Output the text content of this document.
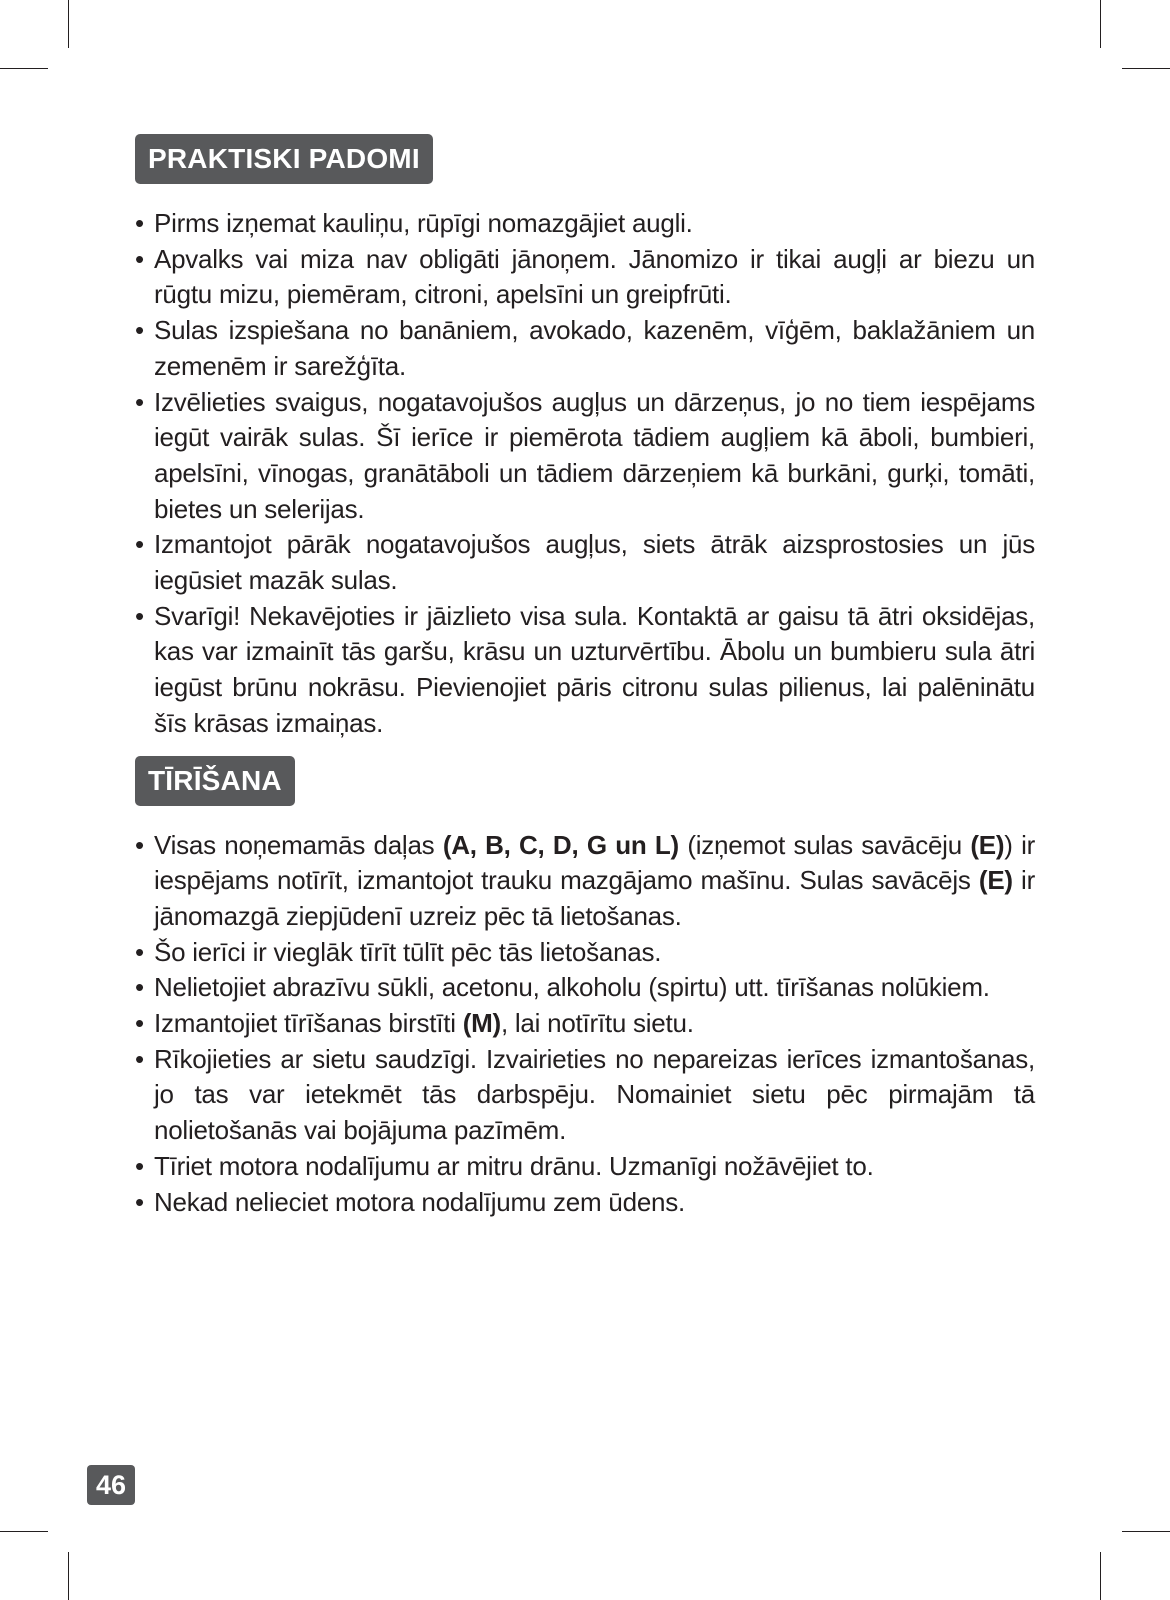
PRAKTISKI PADOMI
• Pirms izņemat kauliņu, rūpīgi nomazgājiet augli.
• Apvalks vai miza nav obligāti jānoņem. Jānomizo ir tikai augļi ar biezu un rūgtu mizu, piemēram, citroni, apelsīni un greipfrūti.
• Sulas izspiešana no banāniem, avokado, kazenēm, vīģēm, baklažāniem un zemenēm ir sarežģīta.
• Izvēlieties svaigus, nogatavojušos augļus un dārzeņus, jo no tiem iespējams iegūt vairāk sulas. Šī ierīce ir piemērota tādiem augļiem kā āboli, bumbieri, apelsīni, vīnogas, granātāboli un tādiem dārzeņiem kā burkāni, gurķi, tomāti, bietes un selerijas.
• Izmantojot pārāk nogatavojušos augļus, siets ātrāk aizsprostosies un jūs iegūsiet mazāk sulas.
• Svarīgi! Nekavējoties ir jāizlieto visa sula. Kontaktā ar gaisu tā ātri oksidējas, kas var izmainīt tās garšu, krāsu un uzturvērtību. Ābolu un bumbieru sula ātri iegūst brūnu nokrāsu. Pievienojiet pāris citronu sulas pilienus, lai palēninātu šīs krāsas izmaiņas.
TĪRĪŠANA
• Visas noņemamās daļas (A, B, C, D, G un L) (izņemot sulas savācēju (E)) ir iespējams notīrīt, izmantojot trauku mazgājamo mašīnu. Sulas savācējs (E) ir jānomazgā ziepjūdenī uzreiz pēc tā lietošanas.
• Šo ierīci ir vieglāk tīrīt tūlīt pēc tās lietošanas.
• Nelietojiet abrazīvu sūkli, acetonu, alkoholu (spirtu) utt. tīrīšanas nolūkiem.
• Izmantojiet tīrīšanas birstīti (M), lai notīrītu sietu.
• Rīkojieties ar sietu saudzīgi. Izvairieties no nepareizas ierīces izmantošanas, jo tas var ietekmēt tās darbspēju. Nomainiet sietu pēc pirmajām tā nolietošanās vai bojājuma pazīmēm.
• Tīriet motora nodalījumu ar mitru drānu. Uzmanīgi nožāvējiet to.
• Nekad nelieciet motora nodalījumu zem ūdens.
46
